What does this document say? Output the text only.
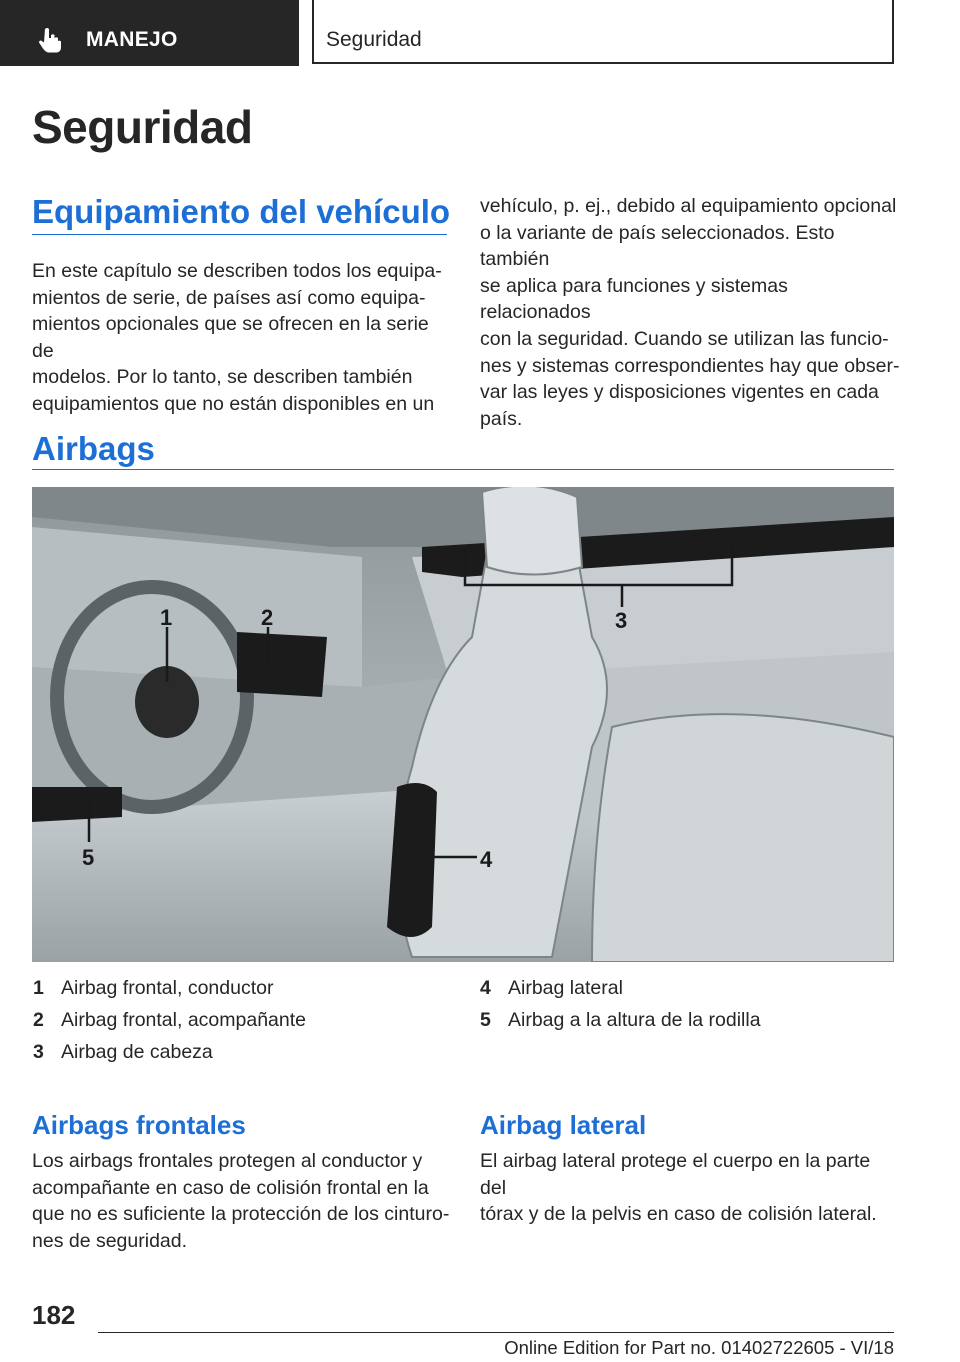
MANEJO	Seguridad
Seguridad
Equipamiento del vehículo
En este capítulo se describen todos los equipa‐
mientos de serie, de países así como equipa‐
mientos opcionales que se ofrecen en la serie de
modelos. Por lo tanto, se describen también
equipamientos que no están disponibles en un
vehículo, p. ej., debido al equipamiento opcional
o la variante de país seleccionados. Esto también
se aplica para funciones y sistemas relacionados
con la seguridad. Cuando se utilizan las funcio‐
nes y sistemas correspondientes hay que obser‐
var las leyes y disposiciones vigentes en cada
país.
Airbags
1	2	3
4
5
1 Airbag frontal, conductor
2 Airbag frontal, acompañante
3 Airbag de cabeza
4 Airbag lateral
5 Airbag a la altura de la rodilla
Airbags frontales
Los airbags frontales protegen al conductor y
acompañante en caso de colisión frontal en la
que no es suficiente la protección de los cinturo‐
nes de seguridad.
Airbag lateral
El airbag lateral protege el cuerpo en la parte del
tórax y de la pelvis en caso de colisión lateral.
182
Online Edition for Part no. 01402722605 - VI/18
